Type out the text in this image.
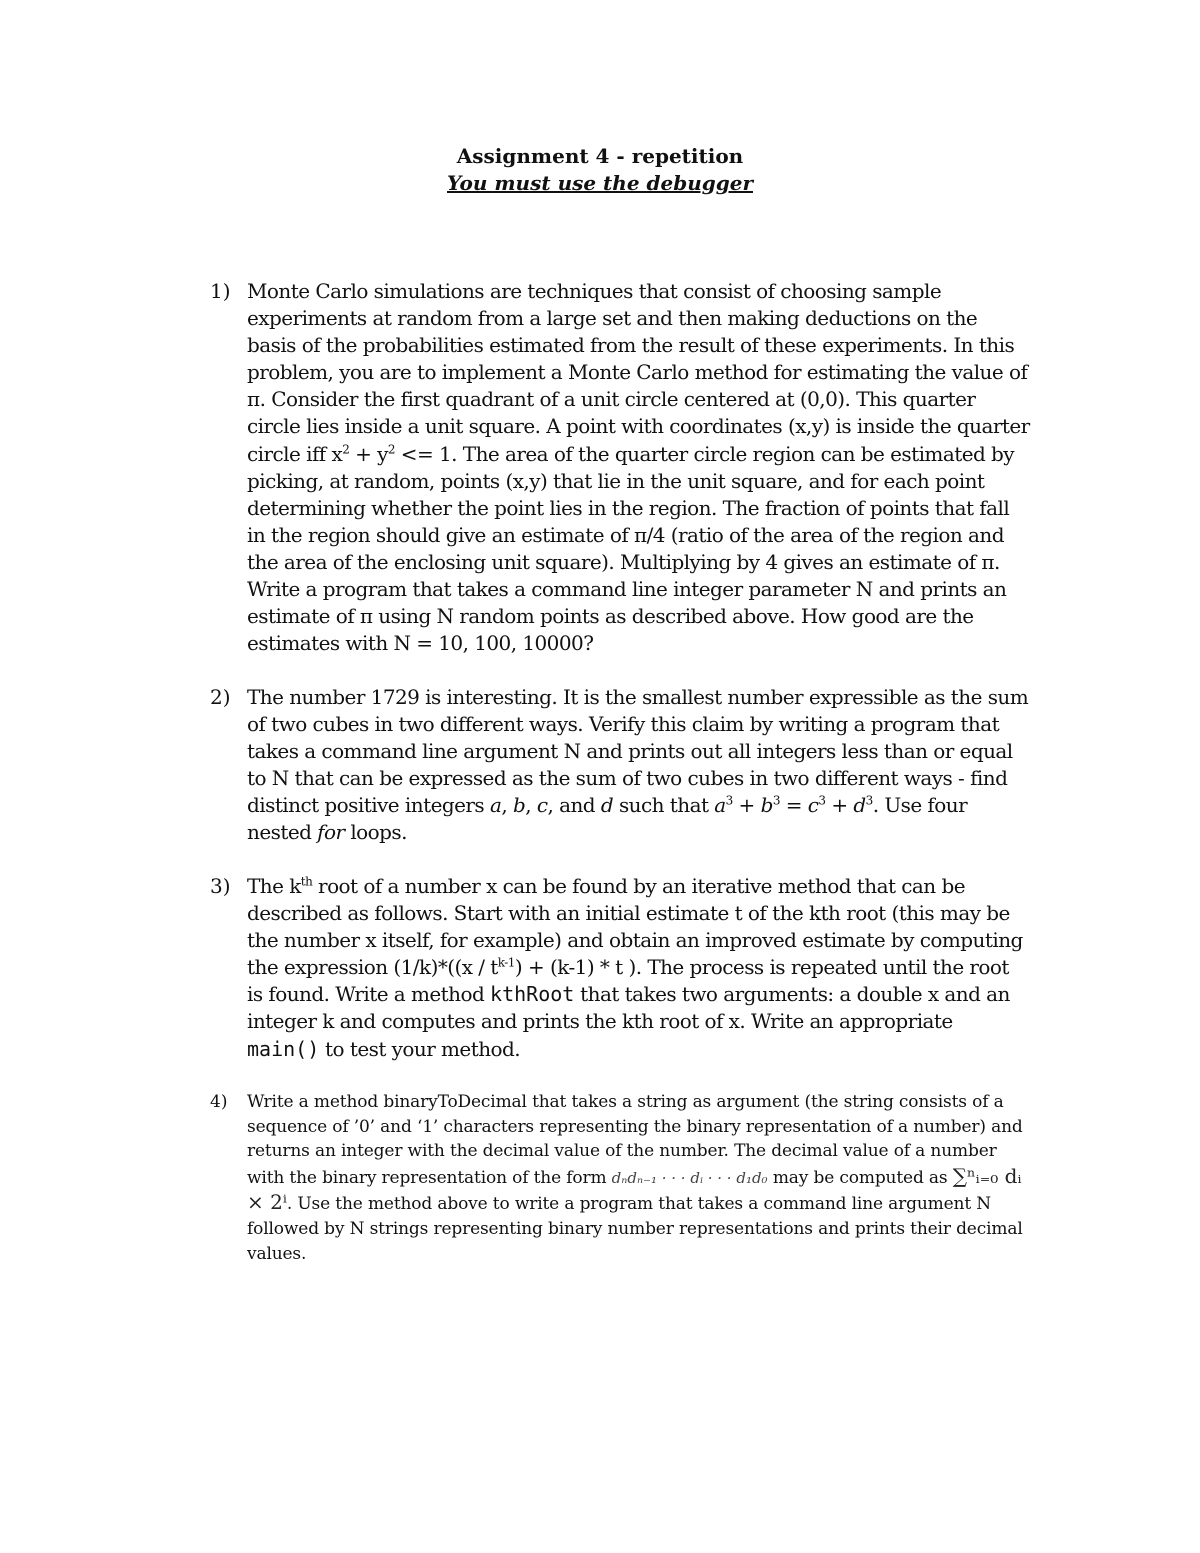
Assignment 4 - repetition

You must use the debugger

1) Monte Carlo simulations are techniques that consist of choosing sample experiments at random from a large set and then making deductions on the basis of the probabilities estimated from the result of these experiments. In this problem, you are to implement a Monte Carlo method for estimating the value of π. Consider the first quadrant of a unit circle centered at (0,0). This quarter circle lies inside a unit square. A point with coordinates (x,y) is inside the quarter circle iff $x^2 + y^2 <= 1$. The area of the quarter circle region can be estimated by picking, at random, points (x,y) that lie in the unit square, and for each point determining whether the point lies in the region. The fraction of points that fall in the region should give an estimate of π/4 (ratio of the area of the region and the area of the enclosing unit square). Multiplying by 4 gives an estimate of π. Write a program that takes a command line integer parameter N and prints an estimate of π using N random points as described above. How good are the estimates with N = 10, 100, 10000?
2) The number 1729 is interesting. It is the smallest number expressible as the sum of two cubes in two different ways. Verify this claim by writing a program that takes a command line argument N and prints out all integers less than or equal to N that can be expressed as the sum of two cubes in two different ways - find distinct positive integers a, b, c, and d such that $a^3 + b^3 = c^3 + d^3$. Use four nested for loops.
3) The $k^{th}$ root of a number x can be found by an iterative method that can be described as follows. Start with an initial estimate t of the kth root (this may be the number x itself, for example) and obtain an improved estimate by computing the expression $(1/k)*((x / t^{k-1}) + (k-1) * t$ ). The process is repeated until the root is found. Write a method kthRoot that takes two arguments: a double x and an integer k and computes and prints the kth root of x. Write an appropriate main() to test your method.
4) Write a method binaryToDecimal that takes a string as argument (the string consists of a sequence of ’0’ and ‘1’ characters representing the binary representation of a number) and returns an integer with the decimal value of the number. The decimal value of a number with the binary representation of the form dₙdₙ₋₁ · · · dᵢ · · · d₁d₀ may be computed as ∑ⁿᵢ₌₀ dᵢ × 2ⁱ. Use the method above to write a program that takes a command line argument N followed by N strings representing binary number representations and prints their decimal values.
